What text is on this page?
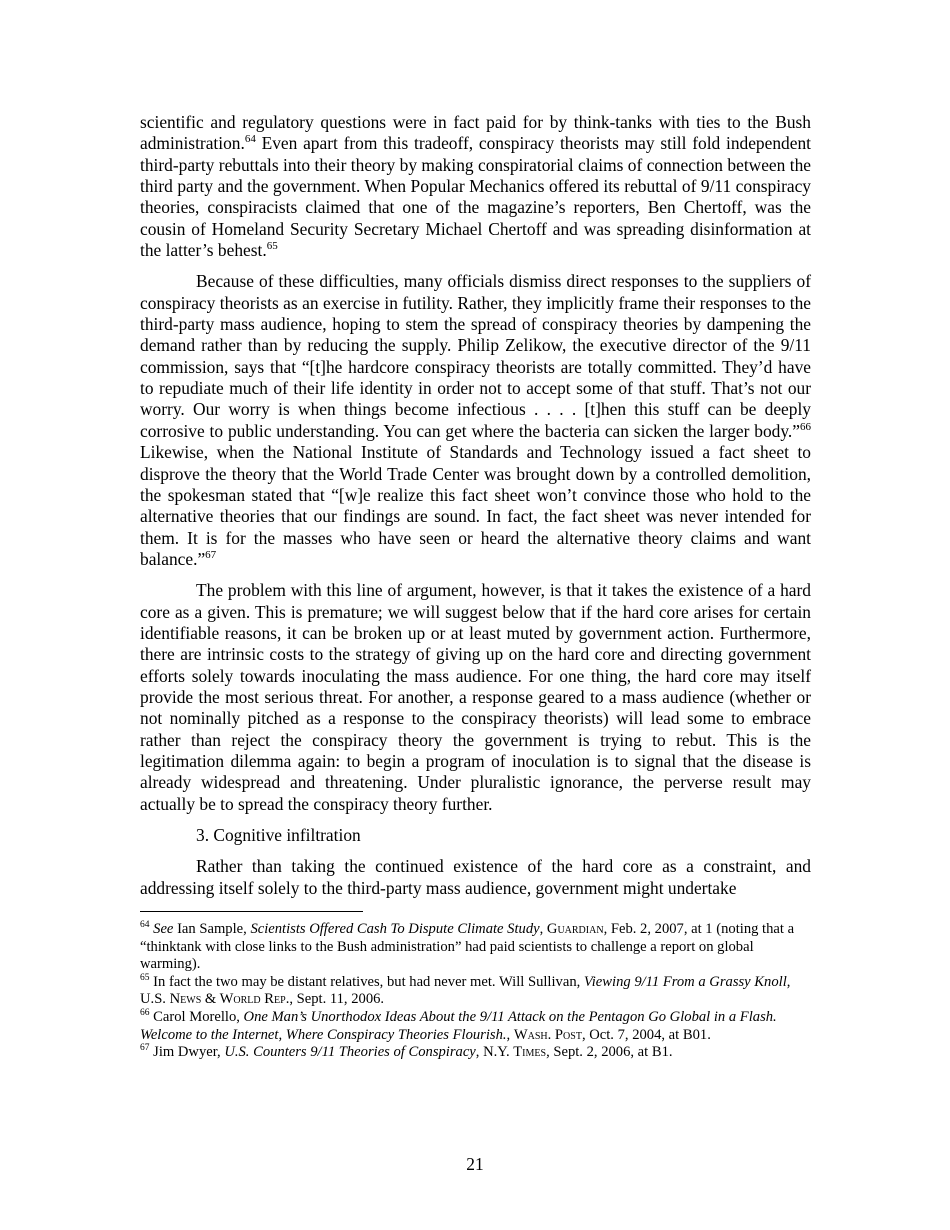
scientific and regulatory questions were in fact paid for by think-tanks with ties to the Bush administration.$^{64}$ Even apart from this tradeoff, conspiracy theorists may still fold independent third-party rebuttals into their theory by making conspiratorial claims of connection between the third party and the government. When Popular Mechanics offered its rebuttal of 9/11 conspiracy theories, conspiracists claimed that one of the magazine’s reporters, Ben Chertoff, was the cousin of Homeland Security Secretary Michael Chertoff and was spreading disinformation at the latter’s behest.$^{65}$

Because of these difficulties, many officials dismiss direct responses to the suppliers of conspiracy theorists as an exercise in futility. Rather, they implicitly frame their responses to the third-party mass audience, hoping to stem the spread of conspiracy theories by dampening the demand rather than by reducing the supply. Philip Zelikow, the executive director of the 9/11 commission, says that “[t]he hardcore conspiracy theorists are totally committed. They’d have to repudiate much of their life identity in order not to accept some of that stuff. That’s not our worry. Our worry is when things become infectious . . . . [t]hen this stuff can be deeply corrosive to public understanding. You can get where the bacteria can sicken the larger body.”$^{66}$ Likewise, when the National Institute of Standards and Technology issued a fact sheet to disprove the theory that the World Trade Center was brought down by a controlled demolition, the spokesman stated that “[w]e realize this fact sheet won’t convince those who hold to the alternative theories that our findings are sound. In fact, the fact sheet was never intended for them. It is for the masses who have seen or heard the alternative theory claims and want balance.”$^{67}$

The problem with this line of argument, however, is that it takes the existence of a hard core as a given. This is premature; we will suggest below that if the hard core arises for certain identifiable reasons, it can be broken up or at least muted by government action. Furthermore, there are intrinsic costs to the strategy of giving up on the hard core and directing government efforts solely towards inoculating the mass audience. For one thing, the hard core may itself provide the most serious threat. For another, a response geared to a mass audience (whether or not nominally pitched as a response to the conspiracy theorists) will lead some to embrace rather than reject the conspiracy theory the government is trying to rebut. This is the legitimation dilemma again: to begin a program of inoculation is to signal that the disease is already widespread and threatening. Under pluralistic ignorance, the perverse result may actually be to spread the conspiracy theory further.

3. Cognitive infiltration

Rather than taking the continued existence of the hard core as a constraint, and addressing itself solely to the third-party mass audience, government might undertake

$^{64}$ See Ian Sample, Scientists Offered Cash To Dispute Climate Study, Guardian, Feb. 2, 2007, at 1 (noting that a “thinktank with close links to the Bush administration” had paid scientists to challenge a report on global warming).

$^{65}$ In fact the two may be distant relatives, but had never met. Will Sullivan, Viewing 9/11 From a Grassy Knoll, U.S. News & World Rep., Sept. 11, 2006.

$^{66}$ Carol Morello, One Man’s Unorthodox Ideas About the 9/11 Attack on the Pentagon Go Global in a Flash. Welcome to the Internet, Where Conspiracy Theories Flourish., Wash. Post, Oct. 7, 2004, at B01.

$^{67}$ Jim Dwyer, U.S. Counters 9/11 Theories of Conspiracy, N.Y. Times, Sept. 2, 2006, at B1.

21
